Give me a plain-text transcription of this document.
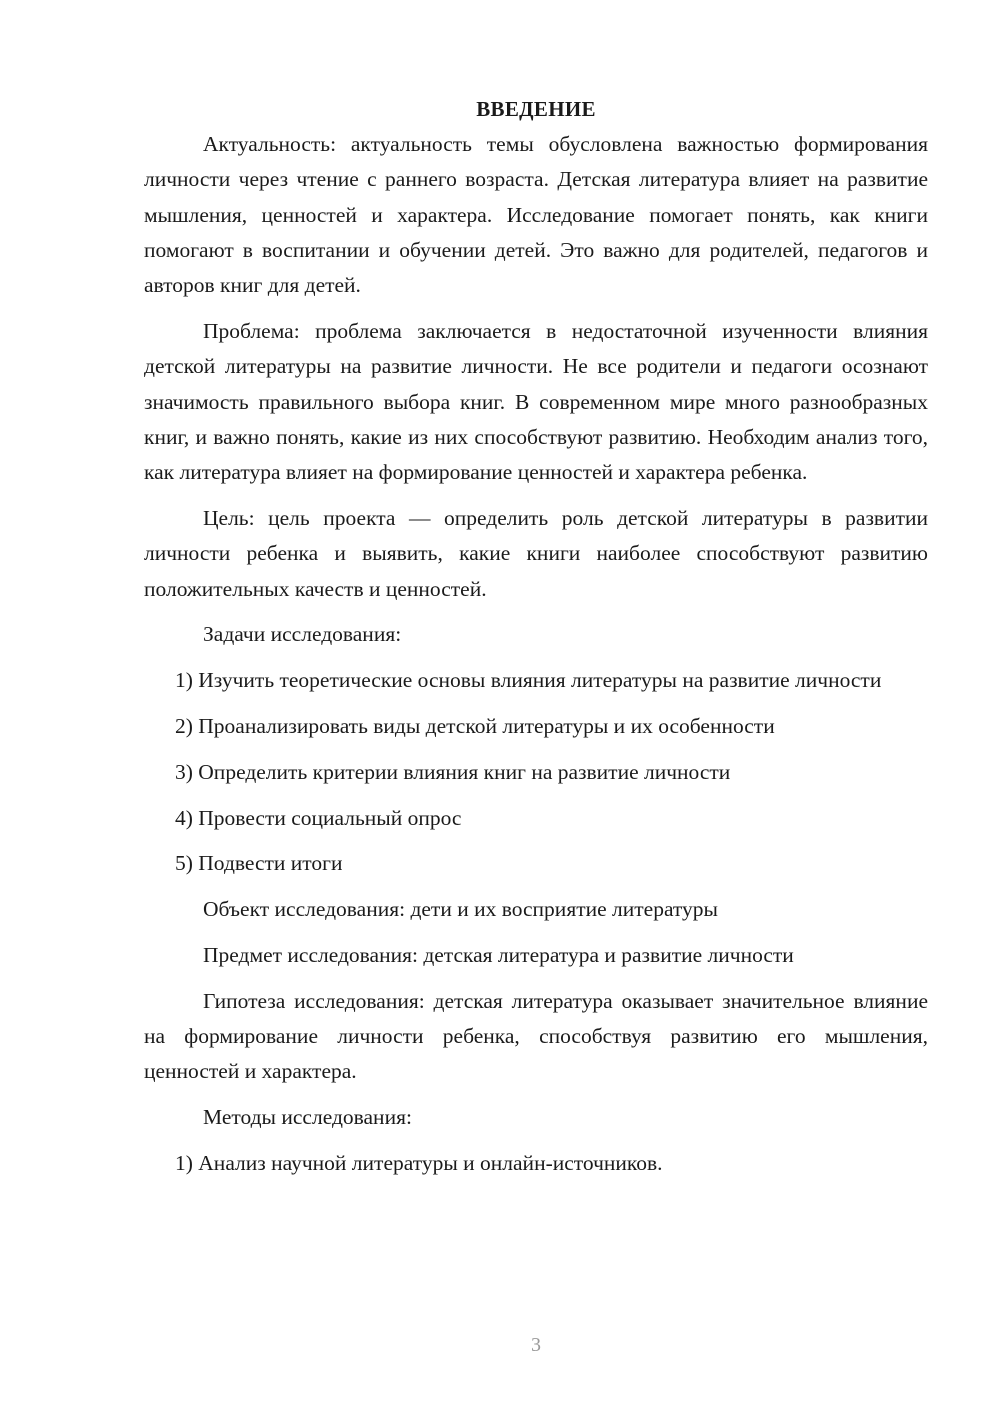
ВВЕДЕНИЕ

Актуальность: актуальность темы обусловлена важностью формирования личности через чтение с раннего возраста. Детская литература влияет на развитие мышления, ценностей и характера. Исследование помогает понять, как книги помогают в воспитании и обучении детей. Это важно для родителей, педагогов и авторов книг для детей.

Проблема: проблема заключается в недостаточной изученности влияния детской литературы на развитие личности. Не все родители и педагоги осознают значимость правильного выбора книг. В современном мире много разнообразных книг, и важно понять, какие из них способствуют развитию. Необходим анализ того, как литература влияет на формирование ценностей и характера ребенка.

Цель: цель проекта — определить роль детской литературы в развитии личности ребенка и выявить, какие книги наиболее способствуют развитию положительных качеств и ценностей.

Задачи исследования:

1) Изучить теоретические основы влияния литературы на развитие личности

2) Проанализировать виды детской литературы и их особенности

3) Определить критерии влияния книг на развитие личности

4) Провести социальный опрос

5) Подвести итоги

Объект исследования: дети и их восприятие литературы

Предмет исследования: детская литература и развитие личности

Гипотеза исследования: детская литература оказывает значительное влияние на формирование личности ребенка, способствуя развитию его мышления, ценностей и характера.

Методы исследования:

1) Анализ научной литературы и онлайн-источников.

3
